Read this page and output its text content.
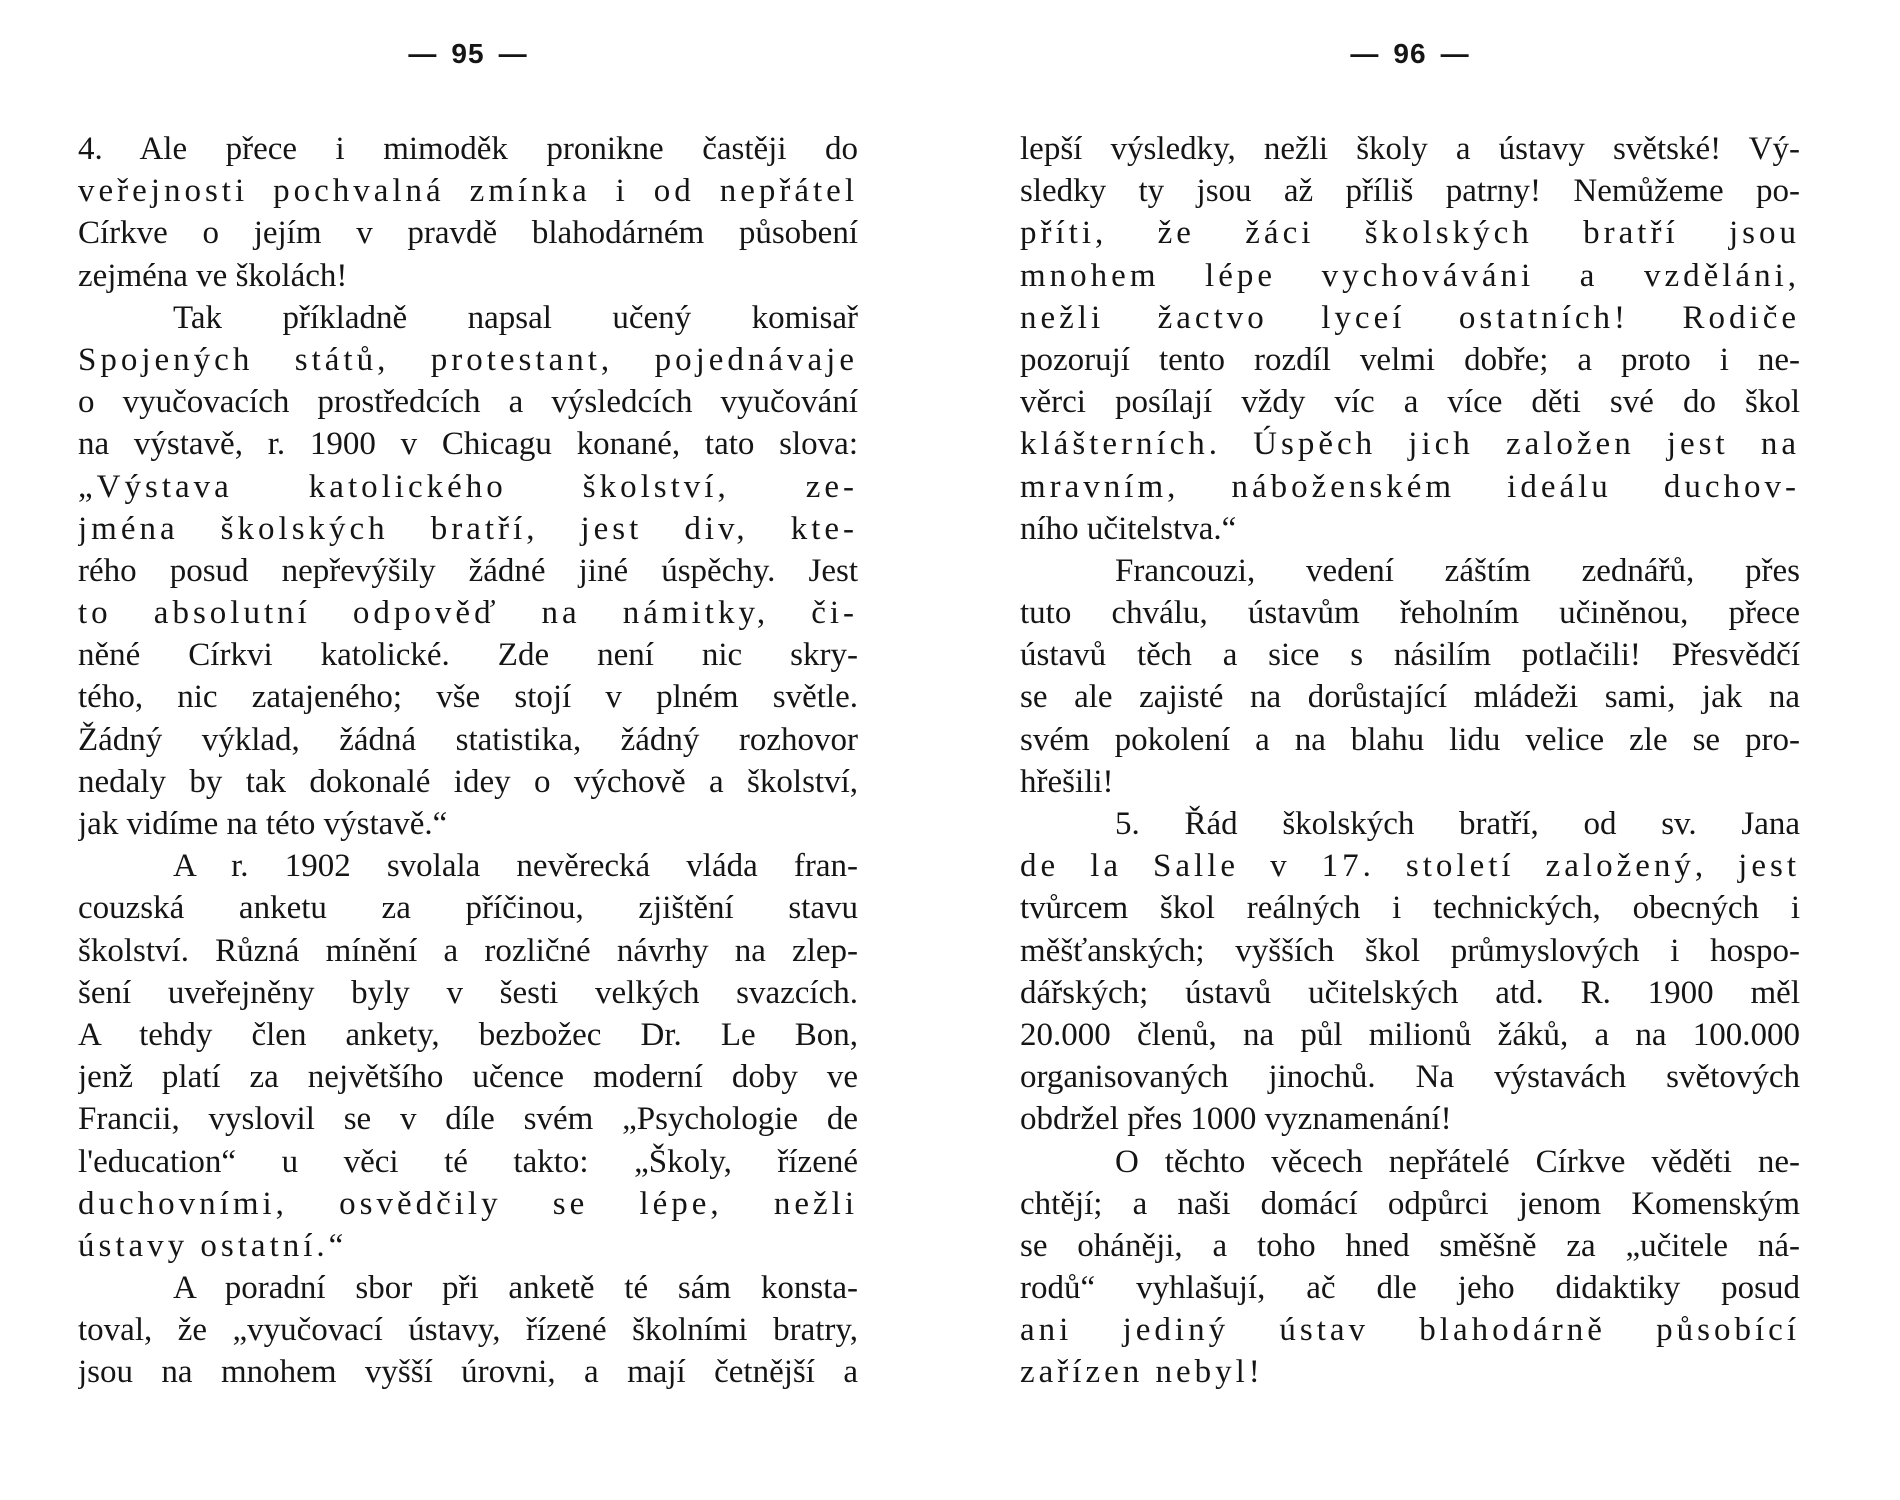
— 95 —
4. Ale přece i mimoděk pronikne častěji do
veřejnosti pochvalná zmínka i od nepřátel
Církve o jejím v pravdě blahodárném působení
zejména ve školách!
Tak příkladně napsal učený komisař
Spojených států, protestant, pojednávaje
o vyučovacích prostředcích a výsledcích vyučování
na výstavě, r. 1900 v Chicagu konané, tato slova:
„Výstava katolického školství, ze-
jména školských bratří, jest div, kte-
rého posud nepřevýšily žádné jiné úspěchy. Jest
to absolutní odpověď na námitky, či-
něné Církvi katolické. Zde není nic skry-
tého, nic zatajeného; vše stojí v plném světle.
Žádný výklad, žádná statistika, žádný rozhovor
nedaly by tak dokonalé idey o výchově a školství,
jak vidíme na této výstavě.“
A r. 1902 svolala nevěrecká vláda fran-
couzská anketu za příčinou, zjištění stavu
školství. Různá mínění a rozličné návrhy na zlep-
šení uveřejněny byly v šesti velkých svazcích.
A tehdy člen ankety, bezbožec Dr. Le Bon,
jenž platí za největšího učence moderní doby ve
Francii, vyslovil se v díle svém „Psychologie de
l'education“ u věci té takto: „Školy, řízené
duchovními, osvědčily se lépe, nežli
ústavy ostatní.“
A poradní sbor při anketě té sám konsta-
toval, že „vyučovací ústavy, řízené školními bratry,
jsou na mnohem vyšší úrovni, a mají četnější a
— 96 —
lepší výsledky, nežli školy a ústavy světské! Vý-
sledky ty jsou až příliš patrny! Nemůžeme po-
příti, že žáci školských bratří jsou
mnohem lépe vychováváni a vzděláni,
nežli žactvo lyceí ostatních! Rodiče
pozorují tento rozdíl velmi dobře; a proto i ne-
věrci posílají vždy víc a více děti své do škol
klášterních. Úspěch jich založen jest na
mravním, náboženském ideálu duchov-
ního učitelstva.“
Francouzi, vedení záštím zednářů, přes
tuto chválu, ústavům řeholním učiněnou, přece
ústavů těch a sice s násilím potlačili! Přesvědčí
se ale zajisté na dorůstající mládeži sami, jak na
svém pokolení a na blahu lidu velice zle se pro-
hřešili!
5. Řád školských bratří, od sv. Jana
de la Salle v 17. století založený, jest
tvůrcem škol reálných i technických, obecných i
měšťanských; vyšších škol průmyslových i hospo-
dářských; ústavů učitelských atd. R. 1900 měl
20.000 členů, na půl milionů žáků, a na 100.000
organisovaných jinochů. Na výstavách světových
obdržel přes 1000 vyznamenání!
O těchto věcech nepřátelé Církve věděti ne-
chtějí; a naši domácí odpůrci jenom Komenským
se oháněji, a toho hned směšně za „učitele ná-
rodů“ vyhlašují, ač dle jeho didaktiky posud
ani jediný ústav blahodárně působící
zařízen nebyl!
